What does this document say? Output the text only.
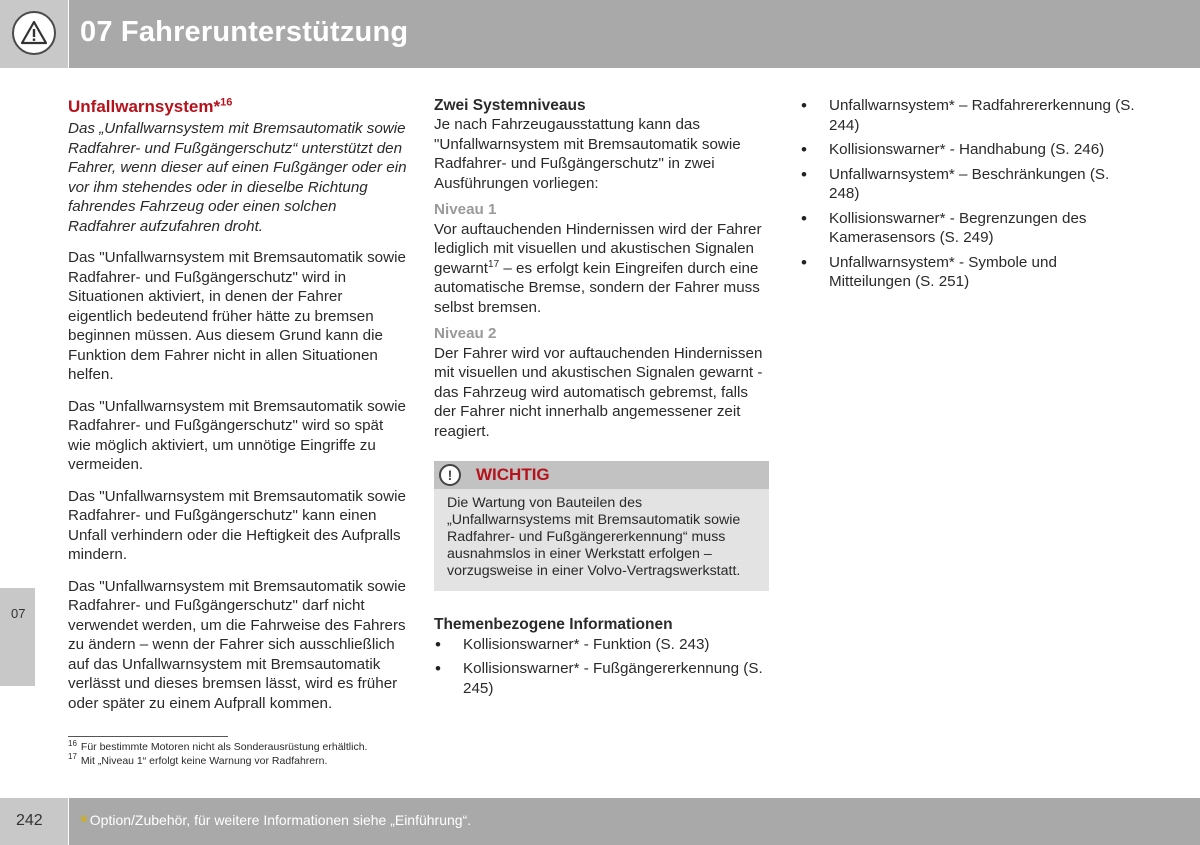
07 Fahrerunterstützung
07
Unfallwarnsystem*$^{16}$
Das „Unfallwarnsystem mit Bremsautomatik sowie Radfahrer- und Fußgängerschutz“ unterstützt den Fahrer, wenn dieser auf einen Fußgänger oder ein vor ihm stehendes oder in dieselbe Richtung fahrendes Fahrzeug oder einen solchen Radfahrer aufzufahren droht.
Das "Unfallwarnsystem mit Bremsautomatik sowie Radfahrer- und Fußgängerschutz" wird in Situationen aktiviert, in denen der Fahrer eigentlich bedeutend früher hätte zu bremsen beginnen müssen. Aus diesem Grund kann die Funktion dem Fahrer nicht in allen Situationen helfen.
Das "Unfallwarnsystem mit Bremsautomatik sowie Radfahrer- und Fußgängerschutz" wird so spät wie möglich aktiviert, um unnötige Eingriffe zu vermeiden.
Das "Unfallwarnsystem mit Bremsautomatik sowie Radfahrer- und Fußgängerschutz" kann einen Unfall verhindern oder die Heftigkeit des Aufpralls mindern.
Das "Unfallwarnsystem mit Bremsautomatik sowie Radfahrer- und Fußgängerschutz" darf nicht verwendet werden, um die Fahrweise des Fahrers zu ändern – wenn der Fahrer sich ausschließlich auf das Unfallwarnsystem mit Bremsautomatik verlässt und dieses bremsen lässt, wird es früher oder später zu einem Aufprall kommen.
Zwei Systemniveaus
Je nach Fahrzeugausstattung kann das "Unfallwarnsystem mit Bremsautomatik sowie Radfahrer- und Fußgängerschutz" in zwei Ausführungen vorliegen:
Niveau 1
Vor auftauchenden Hindernissen wird der Fahrer lediglich mit visuellen und akustischen Signalen gewarnt$^{17}$ – es erfolgt kein Eingreifen durch eine automatische Bremse, sondern der Fahrer muss selbst bremsen.
Niveau 2
Der Fahrer wird vor auftauchenden Hindernissen mit visuellen und akustischen Signalen gewarnt - das Fahrzeug wird automatisch gebremst, falls der Fahrer nicht innerhalb angemessener zeit reagiert.
!	WICHTIG
Die Wartung von Bauteilen des „Unfallwarnsystems mit Bremsautomatik sowie Radfahrer- und Fußgängererkennung“ muss ausnahmslos in einer Werkstatt erfolgen – vorzugsweise in einer Volvo-Vertragswerkstatt.
Themenbezogene Informationen
• Kollisionswarner* - Funktion (S. 243)
• Kollisionswarner* - Fußgängererkennung (S. 245)
• Unfallwarnsystem* – Radfahrererkennung (S. 244)
• Kollisionswarner* - Handhabung (S. 246)
• Unfallwarnsystem* – Beschränkungen (S. 248)
• Kollisionswarner* - Begrenzungen des Kamerasensors (S. 249)
• Unfallwarnsystem* - Symbole und Mitteilungen (S. 251)
$^{16}$ Für bestimmte Motoren nicht als Sonderausrüstung erhältlich.
$^{17}$ Mit „Niveau 1“ erfolgt keine Warnung vor Radfahrern.
242 * Option/Zubehör, für weitere Informationen siehe „Einführung“.
